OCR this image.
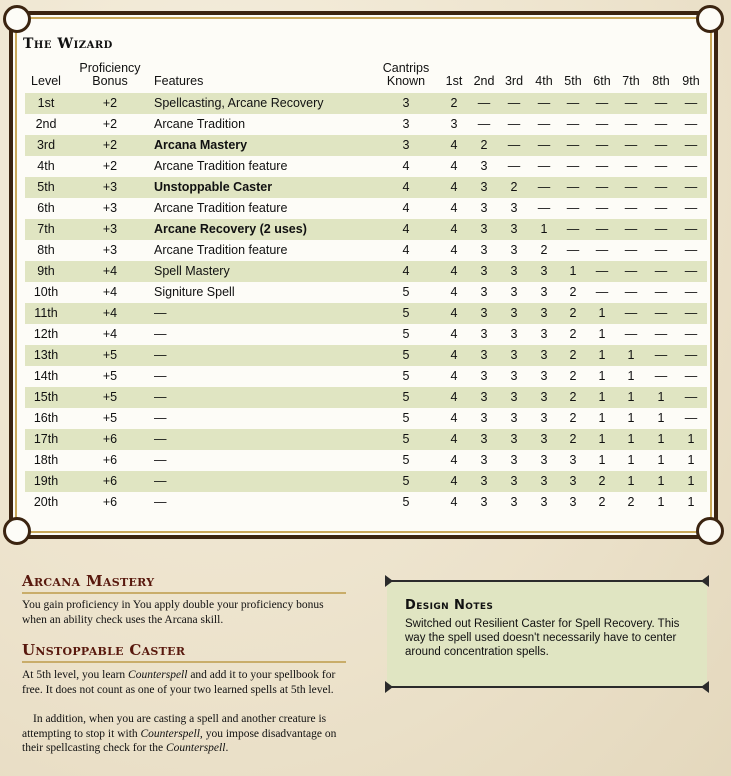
The Wizard
Level
Proficiency
Bonus	Features
Cantrips
Known	1st 2nd 3rd 4th 5th 6th 7th	8th	9th
1st	+2	Spellcasting, Arcane Recovery	3	2	—	—	—	—	—	—	—	—
2nd	+2	Arcane Tradition	3	3	—	—	—	—	—	—	—	—
3rd	+2	Arcana Mastery	3	4	2	—	—	—	—	—	—	—
4th	+2	Arcane Tradition feature	4	4	3	—	—	—	—	—	—	—
5th	+3	Unstoppable Caster	4	4	3	2	—	—	—	—	—	—
6th	+3	Arcane Tradition feature	4	4	3	3	—	—	—	—	—	—
7th	+3	Arcane Recovery (2 uses)	4	4	3	3	1	—	—	—	—	—
8th	+3	Arcane Tradition feature	4	4	3	3	2	—	—	—	—	—
9th	+4	Spell Mastery	4	4	3	3	3	1	—	—	—	—
10th	+4	Signiture Spell	5	4	3	3	3	2	—	—	—	—
11th	+4	—	5	4	3	3	3	2	1	—	—	—
12th	+4	—	5	4	3	3	3	2	1	—	—	—
13th	+5	—	5	4	3	3	3	2	1	1	—	—
14th	+5	—	5	4	3	3	3	2	1	1	—	—
15th	+5	—	5	4	3	3	3	2	1	1	1	—
16th	+5	—	5	4	3	3	3	2	1	1	1	—
17th	+6	—	5	4	3	3	3	2	1	1	1	1
18th	+6	—	5	4	3	3	3	3	1	1	1	1
19th	+6	—	5	4	3	3	3	3	2	1	1	1
20th	+6	—	5	4	3	3	3	3	2	2	1	1
Arcana Mastery
You gain proficiency in You apply double your proficiency bonus when an ability check uses the Arcana skill.
Unstoppable Caster
At 5th level, you learn Counterspell and add it to your spellbook for free. It does not count as one of your two learned spells at 5th level.
In addition, when you are casting a spell and another creature is attempting to stop it with Counterspell, you impose disadvantage on their spellcasting check for the Counterspell.
Design Notes
Switched out Resilient Caster for Spell Recovery. This way the spell used doesn't necessarily have to center around concentration spells.
